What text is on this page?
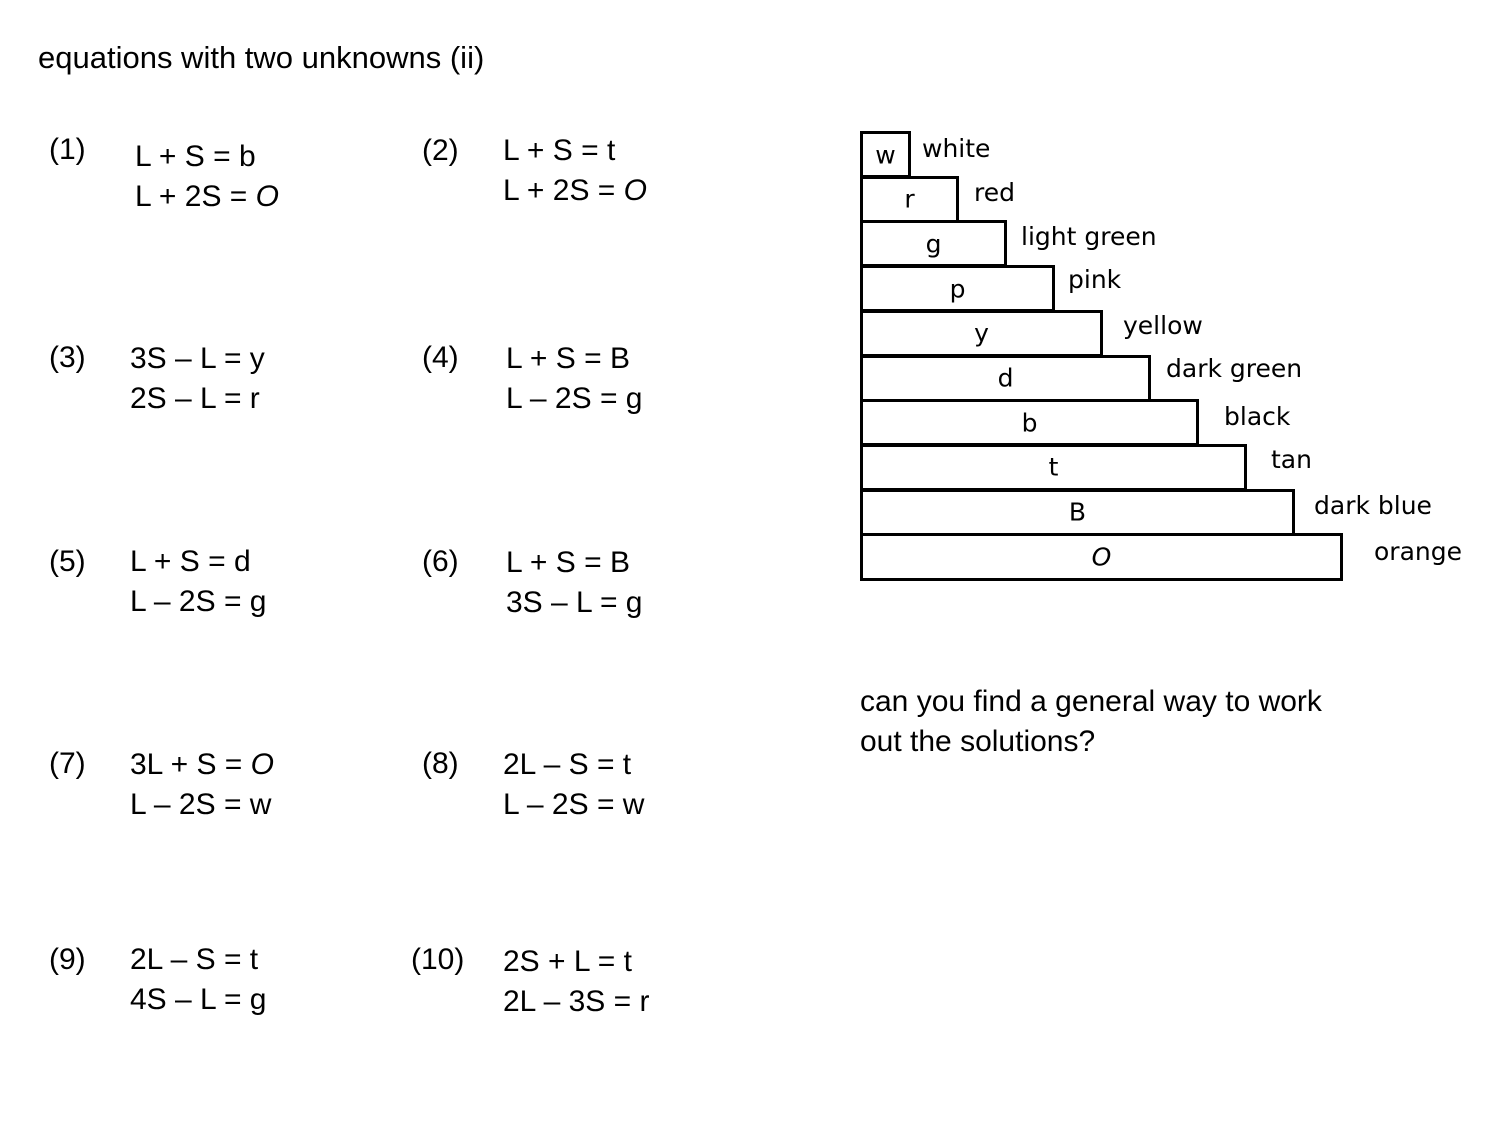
equations with two unknowns (ii)
(1) L + S = b
L + 2S = O
(2) L + S = t
L + 2S = O
(3) 3S – L = y
2S – L = r
(4) L + S = B
L – 2S = g
(5) L + S = d
L – 2S = g
(6) L + S = B
3S – L = g
(7) 3L + S = O
L – 2S = w
(8) 2L – S = t
L – 2S = w
(9) 2L – S = t
4S – L = g
(10) 2S + L = t
2L – 3S = r
w	white
r	red
g	light green
p	pink
y	yellow
d	dark green
b	black
t	tan
B	dark blue
O	orange
can you find a general way to work
out the solutions?
